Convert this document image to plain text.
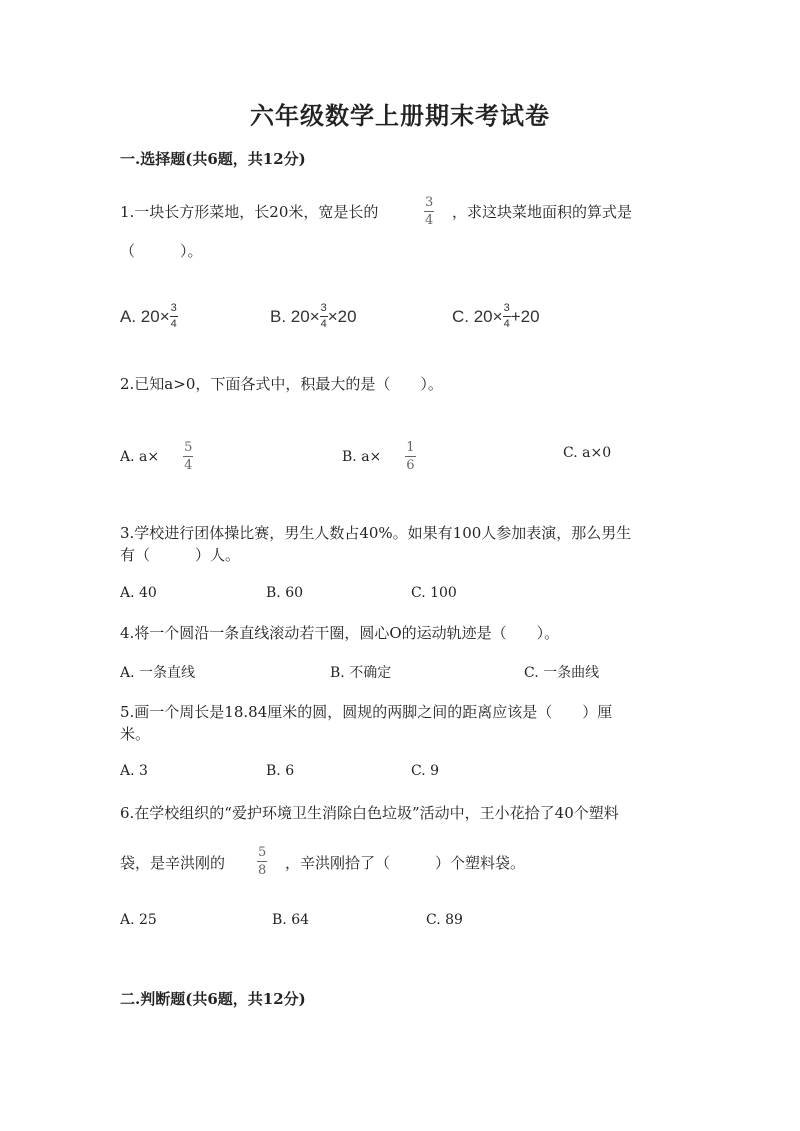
六年级数学上册期末考试卷
一.选择题(共6题，共12分)
1.一块长方形菜地，长20米，宽是长的	$\frac{3}{4}$ ，求这块菜地面积的算式是
（　　　）。
A. $20\times \frac{3}{4}$	B. $20\times \frac{3}{4} \times 20$	C. $20\times \frac{3}{4} +20$
2.已知a>0，下面各式中，积最大的是（　　）。
A. $a\times \frac{5}{4}$	B. $a\times \frac{1}{6}$	C. a×0
3.学校进行团体操比赛，男生人数占40%。如果有100人参加表演，那么男生
有（　　　）人。
A. 40	B. 60	C. 100
4.将一个圆沿一条直线滚动若干圈，圆心O的运动轨迹是（　　）。
A. 一条直线	B. 不确定	C. 一条曲线
5.画一个周长是18.84厘米的圆，圆规的两脚之间的距离应该是（　　）厘
米。
A. 3	B. 6	C. 9
6.在学校组织的“爱护环境卫生消除白色垃圾”活动中，王小花拾了40个塑料
袋，是辛洪刚的 $\frac{5}{8}$ ，辛洪刚拾了（　　　）个塑料袋。
A. 25	B. 64	C. 89
二.判断题(共6题，共12分)
